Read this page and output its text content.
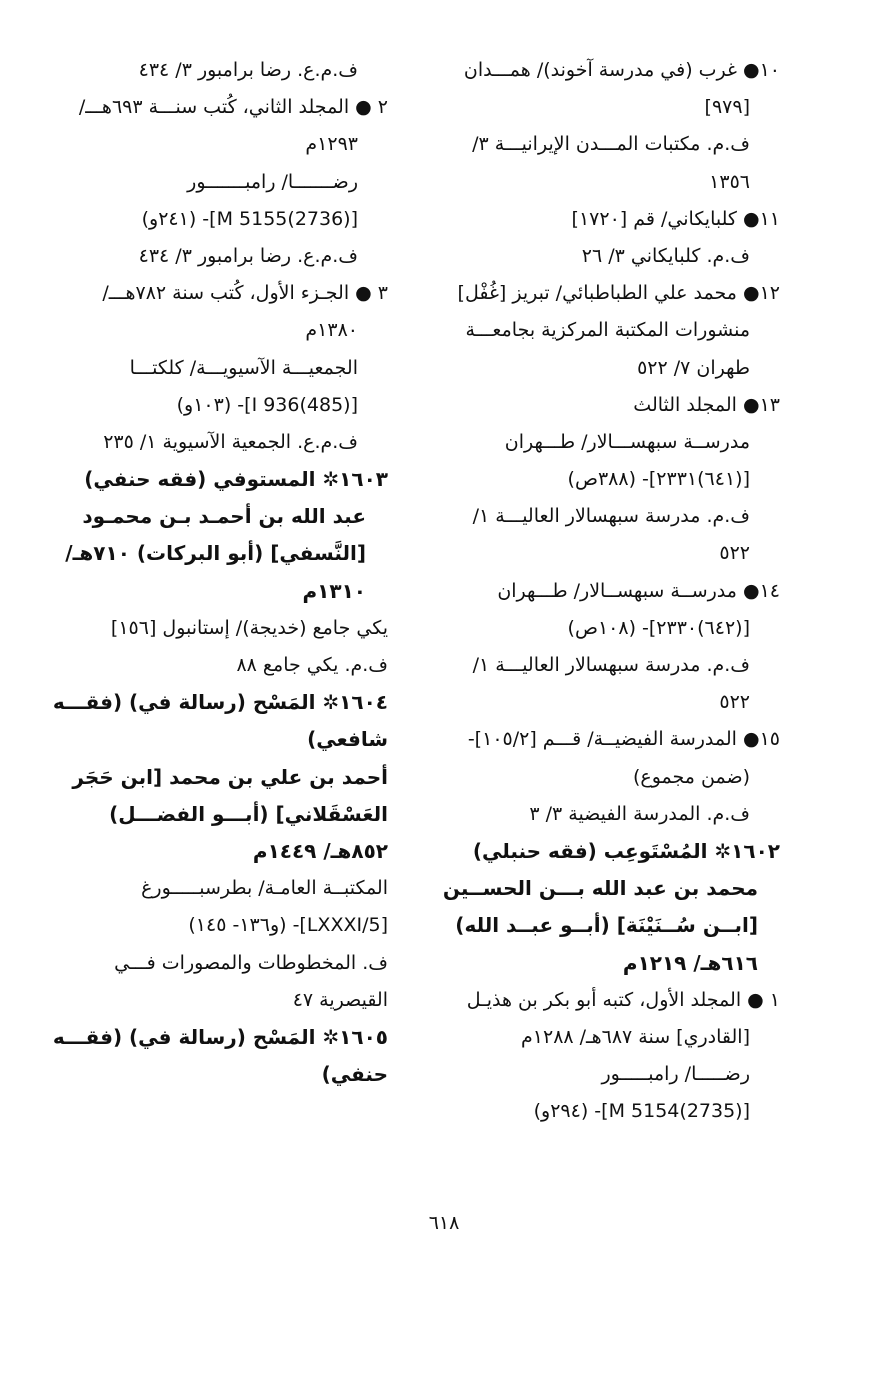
١٠● غرب (في مدرسة آخوند)/ همـــدان
[٩٧٩]
ف.م. مكتبات المـــدن الإيرانيـــة ٣/
١٣٥٦
١١● كلبايكاني/ قم [١٧٢٠]
ف.م. كلبايكاني ٣/ ٢٦
١٢● محمد علي الطباطبائي/ تبريز [غُفْل]
منشورات المكتبة المركزية بجامعـــة
طهران ٧/ ٥٢٢
١٣● المجلد الثالث
مدرســة سبهســـالار/ طـــهران
[(٦٤١)٢٣٣١]- (٣٨٨ص)
ف.م. مدرسة سبهسالار العاليـــة ١/
٥٢٢
١٤● مدرســة سبهســالار/ طـــهران
[(٦٤٢)٢٣٣٠]- (١٠٨ص)
ف.م. مدرسة سبهسالار العاليـــة ١/
٥٢٢
١٥● المدرسة الفيضيــة/ قـــم [١٠٥/٢]-
(ضمن مجموع)
ف.م. المدرسة الفيضية ٣/ ٣
١٦٠٢✲ المُسْتَوعِب (فقه حنبلي)
محمد بن عبد الله بـــن الحســين
[ابــن سُــنَيْنَة] (أبــو عبــد الله)
٦١٦هـ/ ١٢١٩م
١ ● المجلد الأول، كتبه أبو بكر بن هذيـل
[القادري] سنة ٦٨٧هـ/ ١٢٨٨م
رضـــــا/ رامبـــــور
[(2735)5154 M]- (٢٩٤و)
ف.م.ع. رضا برامبور ٣/ ٤٣٤
٢ ● المجلد الثاني، كُتب سنـــة ٦٩٣هـــ/
١٢٩٣م
رضـــــــا/ رامبـــــــور
[(2736)5155 M]- (٢٤١و)
ف.م.ع. رضا برامبور ٣/ ٤٣٤
٣ ● الجـزء الأول، كُتب سنة ٧٨٢هـــ/
١٣٨٠م
الجمعيـــة الآسيويـــة/ كلكتـــا
[(485)I 936]- (١٠٣و)
ف.م.ع. الجمعية الآسيوية ١/ ٢٣٥
١٦٠٣✲ المستوفي (فقه حنفي)
عبد الله بن أحمـد بـن محمـود
[النَّسفي] (أبو البركات) ٧١٠هـ/
١٣١٠م
يكي جامع (خديجة)/ إستانبول [١٥٦]
ف.م. يكي جامع ٨٨
١٦٠٤✲ المَسْح (رسالة في) (فقـــه
شافعي)
أحمد بن علي بن محمد [ابن حَجَر
العَسْقَلاني] (أبـــو الفضـــل)
٨٥٢هـ/ ١٤٤٩م
المكتبــة العامـة/ بطرسبـــــورغ
[LXXXI/5]- (و١٣٦- ١٤٥)
ف. المخطوطات والمصورات فـــي
القيصرية ٤٧
١٦٠٥✲ المَسْح (رسالة في) (فقـــه
حنفي)
٦١٨
